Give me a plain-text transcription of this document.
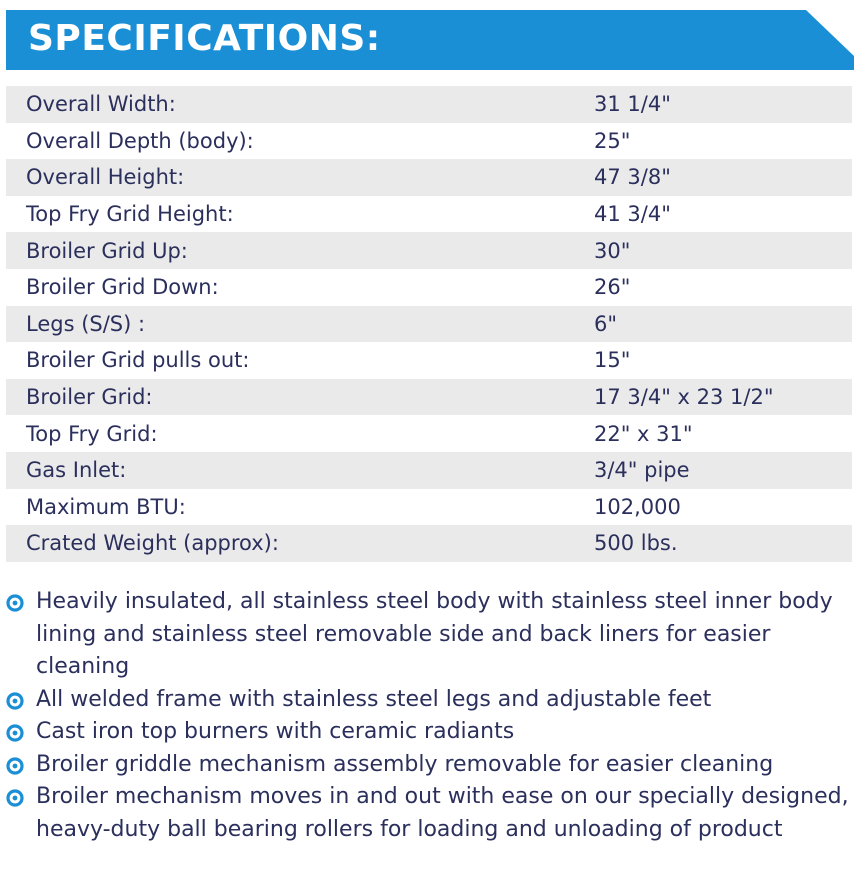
SPECIFICATIONS:
Overall Width:	31 1/4"
Overall Depth (body):	25"
Overall Height:	47 3/8"
Top Fry Grid Height:	41 3/4"
Broiler Grid Up:	30"
Broiler Grid Down:	26"
Legs (S/S) :	6"
Broiler Grid pulls out:	15"
Broiler Grid:	17 3/4" x 23 1/2"
Top Fry Grid:	22" x 31"
Gas Inlet:	3/4" pipe
Maximum BTU:	102,000
Crated Weight (approx):	500 lbs.
Heavily insulated, all stainless steel body with stainless steel inner body lining and stainless steel removable side and back liners for easier cleaning
All welded frame with stainless steel legs and adjustable feet
Cast iron top burners with ceramic radiants
Broiler griddle mechanism assembly removable for easier cleaning
Broiler mechanism moves in and out with ease on our specially designed, heavy-duty ball bearing rollers for loading and unloading of product
